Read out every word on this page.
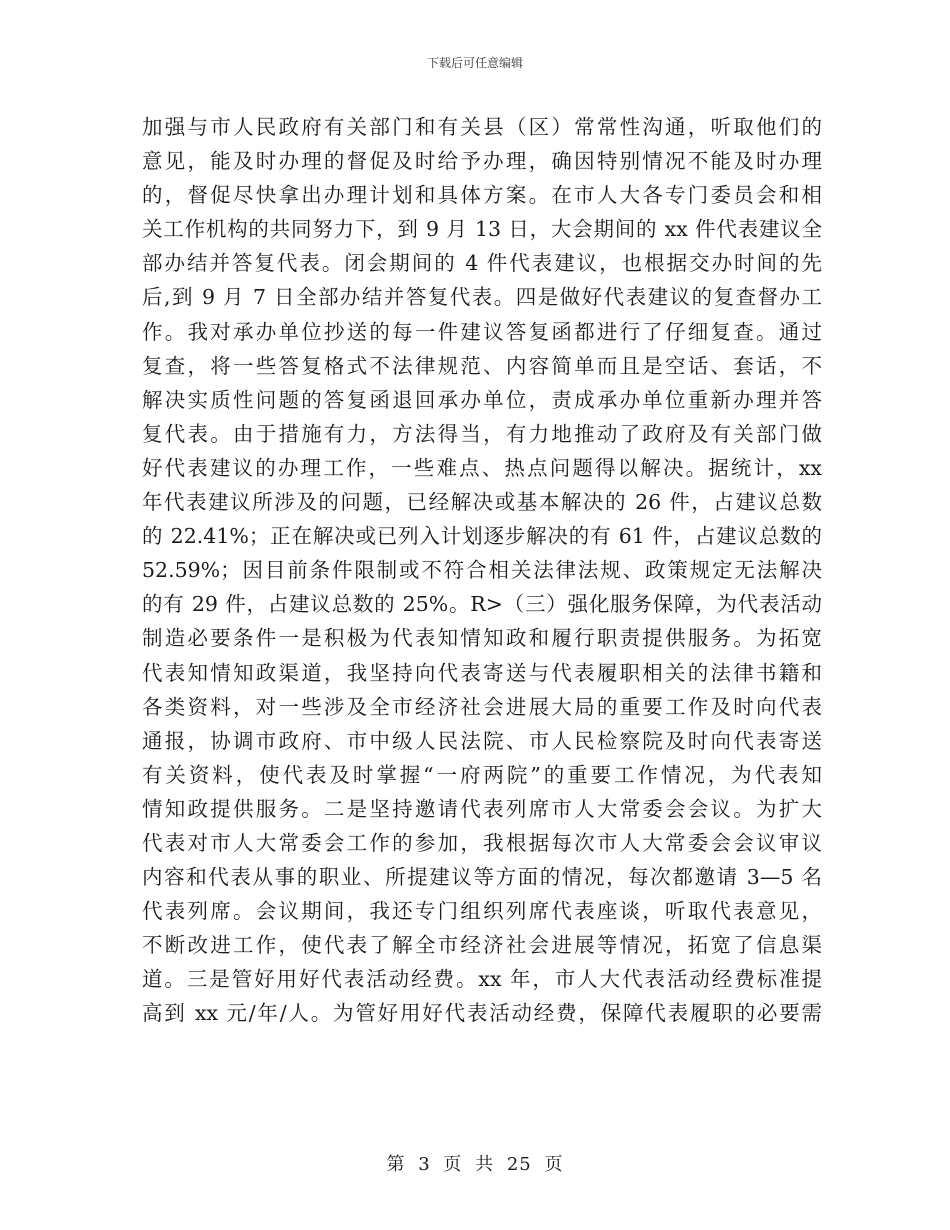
下载后可任意编辑
加强与市人民政府有关部门和有关县（区）常常性沟通，听取他们的
意见，能及时办理的督促及时给予办理，确因特别情况不能及时办理
的，督促尽快拿出办理计划和具体方案。在市人大各专门委员会和相
关工作机构的共同努力下，到 9 月 13 日，大会期间的 xx 件代表建议全
部办结并答复代表。闭会期间的 4 件代表建议，也根据交办时间的先
后,到 9 月 7 日全部办结并答复代表。四是做好代表建议的复查督办工
作。我对承办单位抄送的每一件建议答复函都进行了仔细复查。通过
复查，将一些答复格式不法律规范、内容简单而且是空话、套话，不
解决实质性问题的答复函退回承办单位，责成承办单位重新办理并答
复代表。由于措施有力，方法得当，有力地推动了政府及有关部门做
好代表建议的办理工作，一些难点、热点问题得以解决。据统计，xx
年代表建议所涉及的问题，已经解决或基本解决的 26 件，占建议总数
的 22.41%；正在解决或已列入计划逐步解决的有 61 件，占建议总数的
52.59%；因目前条件限制或不符合相关法律法规、政策规定无法解决
的有 29 件，占建议总数的 25%。R>（三）强化服务保障，为代表活动
制造必要条件一是积极为代表知情知政和履行职责提供服务。为拓宽
代表知情知政渠道，我坚持向代表寄送与代表履职相关的法律书籍和
各类资料，对一些涉及全市经济社会进展大局的重要工作及时向代表
通报，协调市政府、市中级人民法院、市人民检察院及时向代表寄送
有关资料，使代表及时掌握“一府两院”的重要工作情况，为代表知
情知政提供服务。二是坚持邀请代表列席市人大常委会会议。为扩大
代表对市人大常委会工作的参加，我根据每次市人大常委会会议审议
内容和代表从事的职业、所提建议等方面的情况，每次都邀请 3—5 名
代表列席。会议期间，我还专门组织列席代表座谈，听取代表意见，
不断改进工作，使代表了解全市经济社会进展等情况，拓宽了信息渠
道。三是管好用好代表活动经费。xx 年，市人大代表活动经费标准提
高到 xx 元/年/人。为管好用好代表活动经费，保障代表履职的必要需
第 3 页 共 25 页
